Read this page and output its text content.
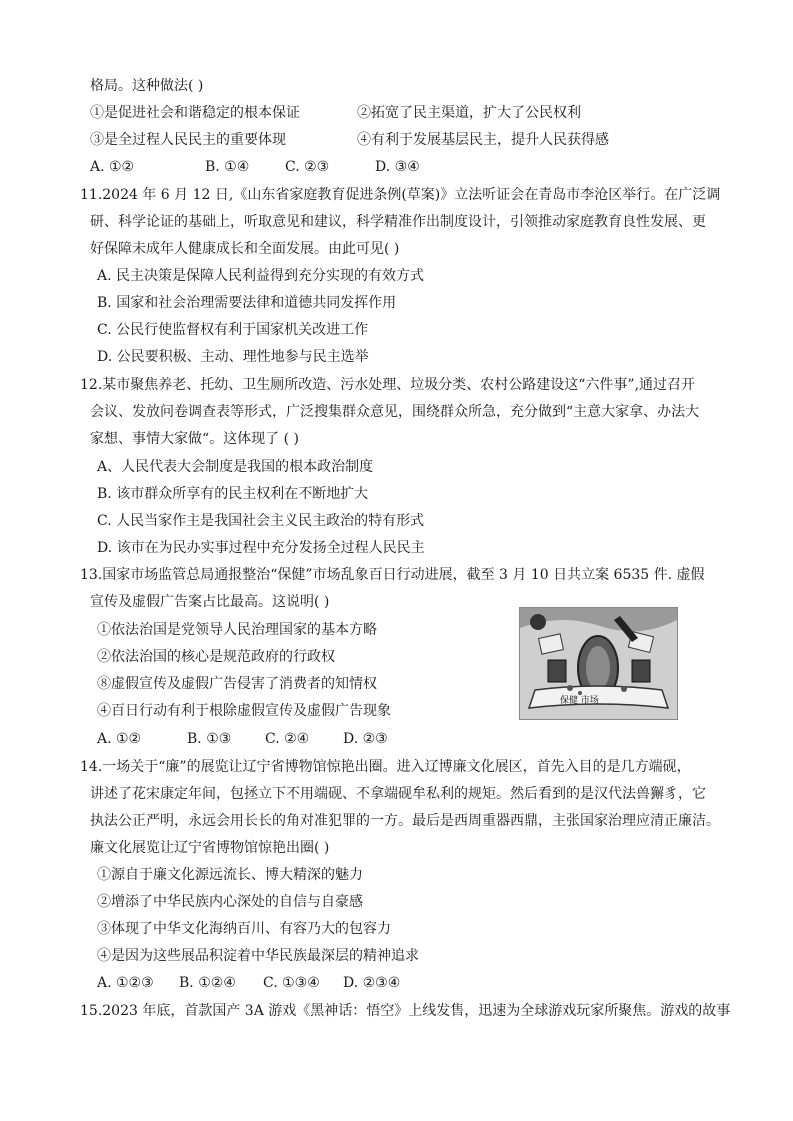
格局。这种做法( )
①是促进社会和谐稳定的根本保证	②拓宽了民主渠道，扩大了公民权利
③是全过程人民民主的重要体现	④有利于发展基层民主，提升人民获得感
A. ①②	B. ①④	C. ②③	D. ③④
11.2024 年 6 月 12 日,《山东省家庭教育促进条例(草案)》立法听证会在青岛市李沧区举行。在广泛调
研、科学论证的基础上，听取意见和建议，科学精准作出制度设计，引领推动家庭教育良性发展、更
好保障未成年人健康成长和全面发展。由此可见( )
A. 民主决策是保障人民利益得到充分实现的有效方式
B. 国家和社会治理需要法律和道德共同发挥作用
C. 公民行使监督权有利于国家机关改进工作
D. 公民要积极、主动、理性地参与民主选举
12.某市聚焦养老、托幼、卫生厕所改造、污水处理、垃圾分类、农村公路建设这“六件事”,通过召开
会议、发放问卷调查表等形式，广泛搜集群众意见，围绕群众所急，充分做到“主意大家拿、办法大
家想、事情大家做“。这体现了 ( )
A、人民代表大会制度是我国的根本政治制度
B. 该市群众所享有的民主权利在不断地扩大
C. 人民当家作主是我国社会主义民主政治的特有形式
D. 该市在为民办实事过程中充分发扬全过程人民民主
13.国家市场监管总局通报整治“保健”市场乱象百日行动进展，截至 3 月 10 日共立案 6535 件. 虚假
宣传及虚假广告案占比最高。这说明( )
①依法治国是党领导人民治理国家的基本方略
②依法治国的核心是规范政府的行政权
⑧虚假宣传及虚假广告侵害了消费者的知情权
④百日行动有利于根除虚假宣传及虚假广告现象
A. ①②	B. ①③ C. ②④ D. ②③
保健 市场
14.一场关于“廉”的展览让辽宁省博物馆惊艳出圈。进入辽博廉文化展区，首先入目的是几方端砚，
讲述了花宋康定年间，包拯立下不用端砚、不拿端砚牟私利的规矩。然后看到的是汉代法兽獬豸，它
执法公正严明，永远会用长长的角对准犯罪的一方。最后是西周重器西鼎，主张国家治理应清正廉洁。
廉文化展览让辽宁省博物馆惊艳出圈( )
①源自于廉文化源远流长、博大精深的魅力
②增添了中华民族内心深处的自信与自豪感
③体现了中华文化海纳百川、有容乃大的包容力
④是因为这些展品积淀着中华民族最深层的精神追求
A. ①②③ B. ①②④ C. ①③④ D. ②③④
15.2023 年底，首款国产 3A 游戏《黑神话：悟空》上线发售，迅速为全球游戏玩家所聚焦。游戏的故事
